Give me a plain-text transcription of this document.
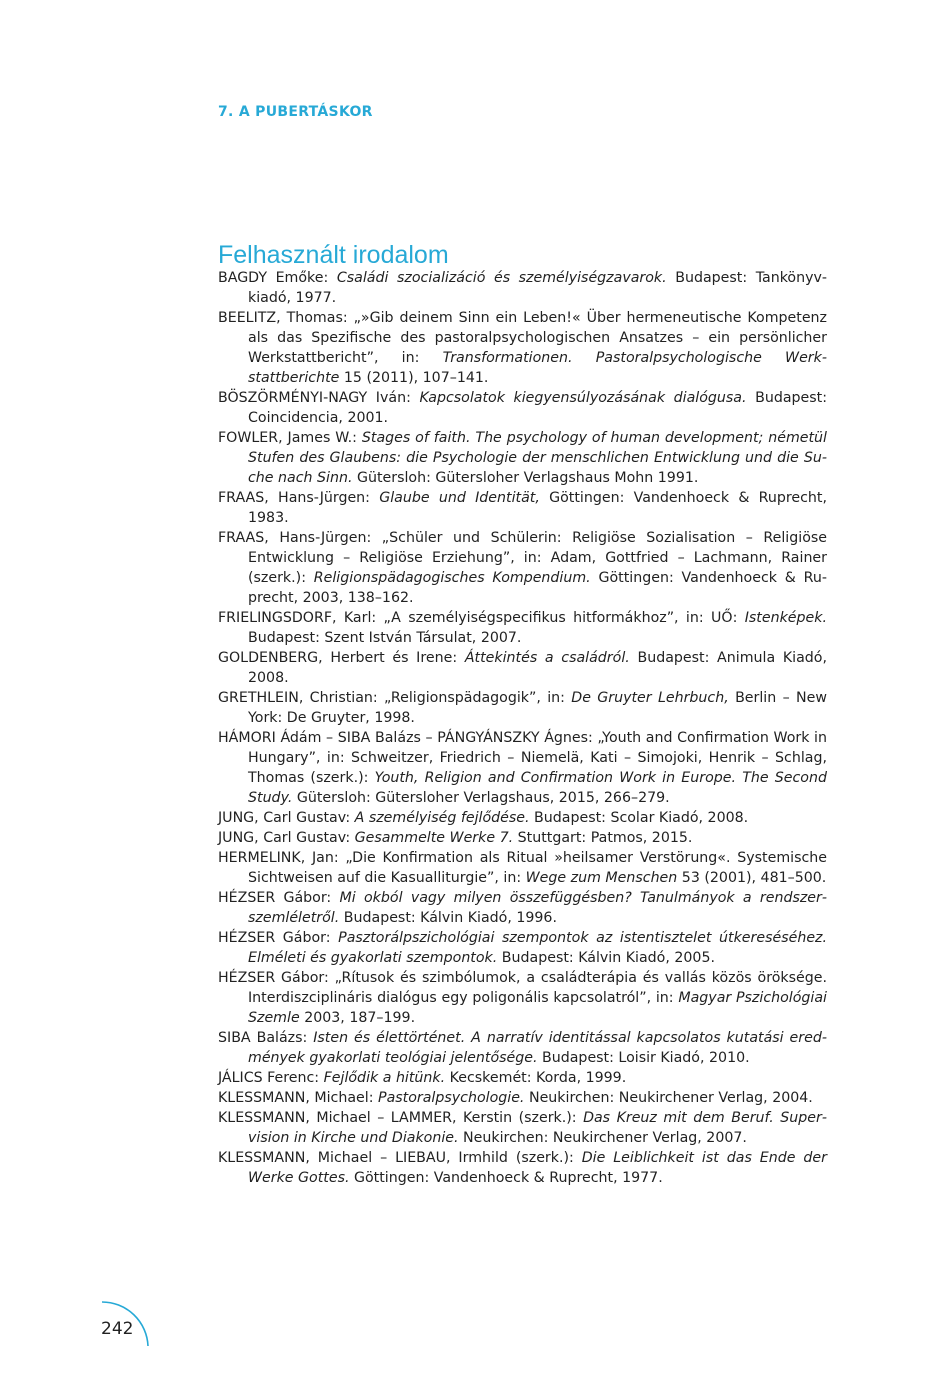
7. A PUBERTÁSKOR
Felhasznált irodalom

BAGDY Emőke: Családi szocializáció és személyiségzavarok. Budapest: Tankönyvkiadó, 1977.

BEELITZ, Thomas: „»Gib deinem Sinn ein Leben!« Über hermeneutische Kompetenz als das Spezifische des pastoralpsychologischen Ansatzes – ein persönlicher Werkstattbericht”, in: Transformationen. Pastoralpsychologische Werkstattberichte 15 (2011), 107–141.

BÖSZÖRMÉNYI-NAGY Iván: Kapcsolatok kiegyensúlyozásának dialógusa. Budapest: Coincidencia, 2001.

FOWLER, James W.: Stages of faith. The psychology of human development; németül Stufen des Glaubens: die Psychologie der menschlichen Entwicklung und die Suche nach Sinn. Gütersloh: Gütersloher Verlagshaus Mohn 1991.

FRAAS, Hans-Jürgen: Glaube und Identität, Göttingen: Vandenhoeck & Ruprecht, 1983.

FRAAS, Hans-Jürgen: „Schüler und Schülerin: Religiöse Sozialisation – Religiöse Entwicklung – Religiöse Erziehung”, in: Adam, Gottfried – Lachmann, Rainer (szerk.): Religionspädagogisches Kompendium. Göttingen: Vandenhoeck & Ruprecht, 2003, 138–162.

FRIELINGSDORF, Karl: „A személyiségspecifikus hitformákhoz”, in: UŐ: Istenképek. Budapest: Szent István Társulat, 2007.

GOLDENBERG, Herbert és Irene: Áttekintés a családról. Budapest: Animula Kiadó, 2008.

GRETHLEIN, Christian: „Religionspädagogik”, in: De Gruyter Lehrbuch, Berlin – New York: De Gruyter, 1998.

HÁMORI Ádám – SIBA Balázs – PÁNGYÁNSZKY Ágnes: „Youth and Confirmation Work in Hungary”, in: Schweitzer, Friedrich – Niemelä, Kati – Simojoki, Henrik – Schlag, Thomas (szerk.): Youth, Religion and Confirmation Work in Europe. The Second Study. Gütersloh: Gütersloher Verlagshaus, 2015, 266–279.

JUNG, Carl Gustav: A személyiség fejlődése. Budapest: Scolar Kiadó, 2008.

JUNG, Carl Gustav: Gesammelte Werke 7. Stuttgart: Patmos, 2015.

HERMELINK, Jan: „Die Konfirmation als Ritual »heilsamer Verstörung«. Systemische Sichtweisen auf die Kasualliturgie”, in: Wege zum Menschen 53 (2001), 481–500.

HÉZSER Gábor: Mi okból vagy milyen összefüggésben? Tanulmányok a rendszerszemléletről. Budapest: Kálvin Kiadó, 1996.

HÉZSER Gábor: Pasztorálpszichológiai szempontok az istentisztelet útkereséséhez. Elméleti és gyakorlati szempontok. Budapest: Kálvin Kiadó, 2005.

HÉZSER Gábor: „Rítusok és szimbólumok, a családterápia és vallás közös öröksége. Interdiszciplináris dialógus egy poligonális kapcsolatról”, in: Magyar Pszichológiai Szemle 2003, 187–199.

SIBA Balázs: Isten és élettörténet. A narratív identitással kapcsolatos kutatási eredmények gyakorlati teológiai jelentősége. Budapest: Loisir Kiadó, 2010.

JÁLICS Ferenc: Fejlődik a hitünk. Kecskemét: Korda, 1999.

KLESSMANN, Michael: Pastoralpsychologie. Neukirchen: Neukirchener Verlag, 2004.

KLESSMANN, Michael – LAMMER, Kerstin (szerk.): Das Kreuz mit dem Beruf. Supervision in Kirche und Diakonie. Neukirchen: Neukirchener Verlag, 2007.

KLESSMANN, Michael – LIEBAU, Irmhild (szerk.): Die Leiblichkeit ist das Ende der Werke Gottes. Göttingen: Vandenhoeck & Ruprecht, 1977.

242
